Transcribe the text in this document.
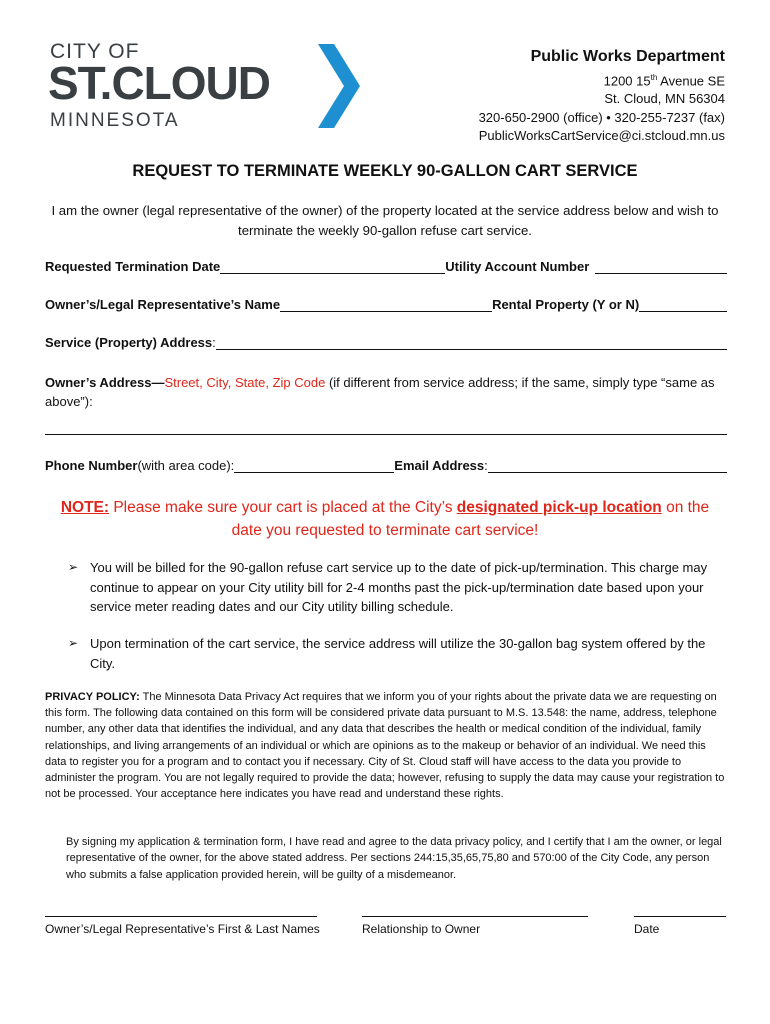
CITY OF
ST.CLOUD
MINNESOTA
Public Works Department
1200 15th Avenue SE
St. Cloud, MN 56304
320-650-2900 (office) • 320-255-7237 (fax)
PublicWorksCartService@ci.stcloud.mn.us
REQUEST TO TERMINATE WEEKLY 90-GALLON CART SERVICE
I am the owner (legal representative of the owner) of the property located at the service address below and wish to terminate the weekly 90-gallon refuse cart service.
Requested Termination Date	Utility Account Number
Owner’s/Legal Representative’s Name	Rental Property (Y or N)
Service (Property) Address :
Owner’s Address—Street, City, State, Zip Code (if different from service address; if the same, simply type “same as above”):
Phone Number (with area code):	Email Address :
NOTE: Please make sure your cart is placed at the City’s designated pick-up location on the date you requested to terminate cart service!
➢ You will be billed for the 90-gallon refuse cart service up to the date of pick-up/termination. This charge may continue to appear on your City utility bill for 2-4 months past the pick-up/termination date based upon your service meter reading dates and our City utility billing schedule.
➢ Upon termination of the cart service, the service address will utilize the 30-gallon bag system offered by the City.
PRIVACY POLICY: The Minnesota Data Privacy Act requires that we inform you of your rights about the private data we are requesting on this form. The following data contained on this form will be considered private data pursuant to M.S. 13.548: the name, address, telephone number, any other data that identifies the individual, and any data that describes the health or medical condition of the individual, family relationships, and living arrangements of an individual or which are opinions as to the makeup or behavior of an individual. We need this data to register you for a program and to contact you if necessary. City of St. Cloud staff will have access to the data you provide to administer the program. You are not legally required to provide the data; however, refusing to supply the data may cause your registration to not be processed. Your acceptance here indicates you have read and understand these rights.
By signing my application & termination form, I have read and agree to the data privacy policy, and I certify that I am the owner, or legal representative of the owner, for the above stated address. Per sections 244:15,35,65,75,80 and 570:00 of the City Code, any person who submits a false application provided herein, will be guilty of a misdemeanor.
Owner’s/Legal Representative’s First & Last Names	Relationship to Owner	Date
